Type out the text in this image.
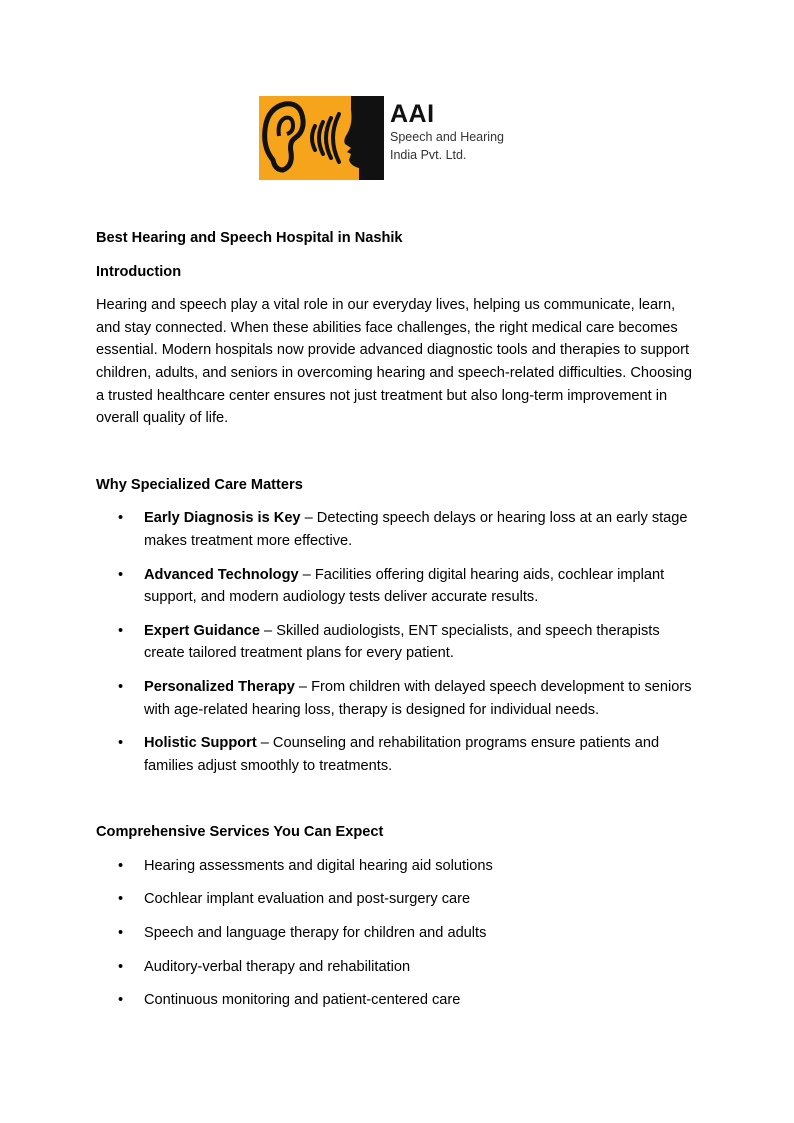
AAI
Speech and Hearing
India Pvt. Ltd.

Best Hearing and Speech Hospital in Nashik

Introduction

Hearing and speech play a vital role in our everyday lives, helping us communicate, learn, and stay connected. When these abilities face challenges, the right medical care becomes essential. Modern hospitals now provide advanced diagnostic tools and therapies to support children, adults, and seniors in overcoming hearing and speech-related difficulties. Choosing a trusted healthcare center ensures not just treatment but also long-term improvement in overall quality of life.

Why Specialized Care Matters

• Early Diagnosis is Key – Detecting speech delays or hearing loss at an early stage makes treatment more effective.
• Advanced Technology – Facilities offering digital hearing aids, cochlear implant support, and modern audiology tests deliver accurate results.
• Expert Guidance – Skilled audiologists, ENT specialists, and speech therapists create tailored treatment plans for every patient.
• Personalized Therapy – From children with delayed speech development to seniors with age-related hearing loss, therapy is designed for individual needs.
• Holistic Support – Counseling and rehabilitation programs ensure patients and families adjust smoothly to treatments.

Comprehensive Services You Can Expect

• Hearing assessments and digital hearing aid solutions
• Cochlear implant evaluation and post-surgery care
• Speech and language therapy for children and adults
• Auditory-verbal therapy and rehabilitation
• Continuous monitoring and patient-centered care
